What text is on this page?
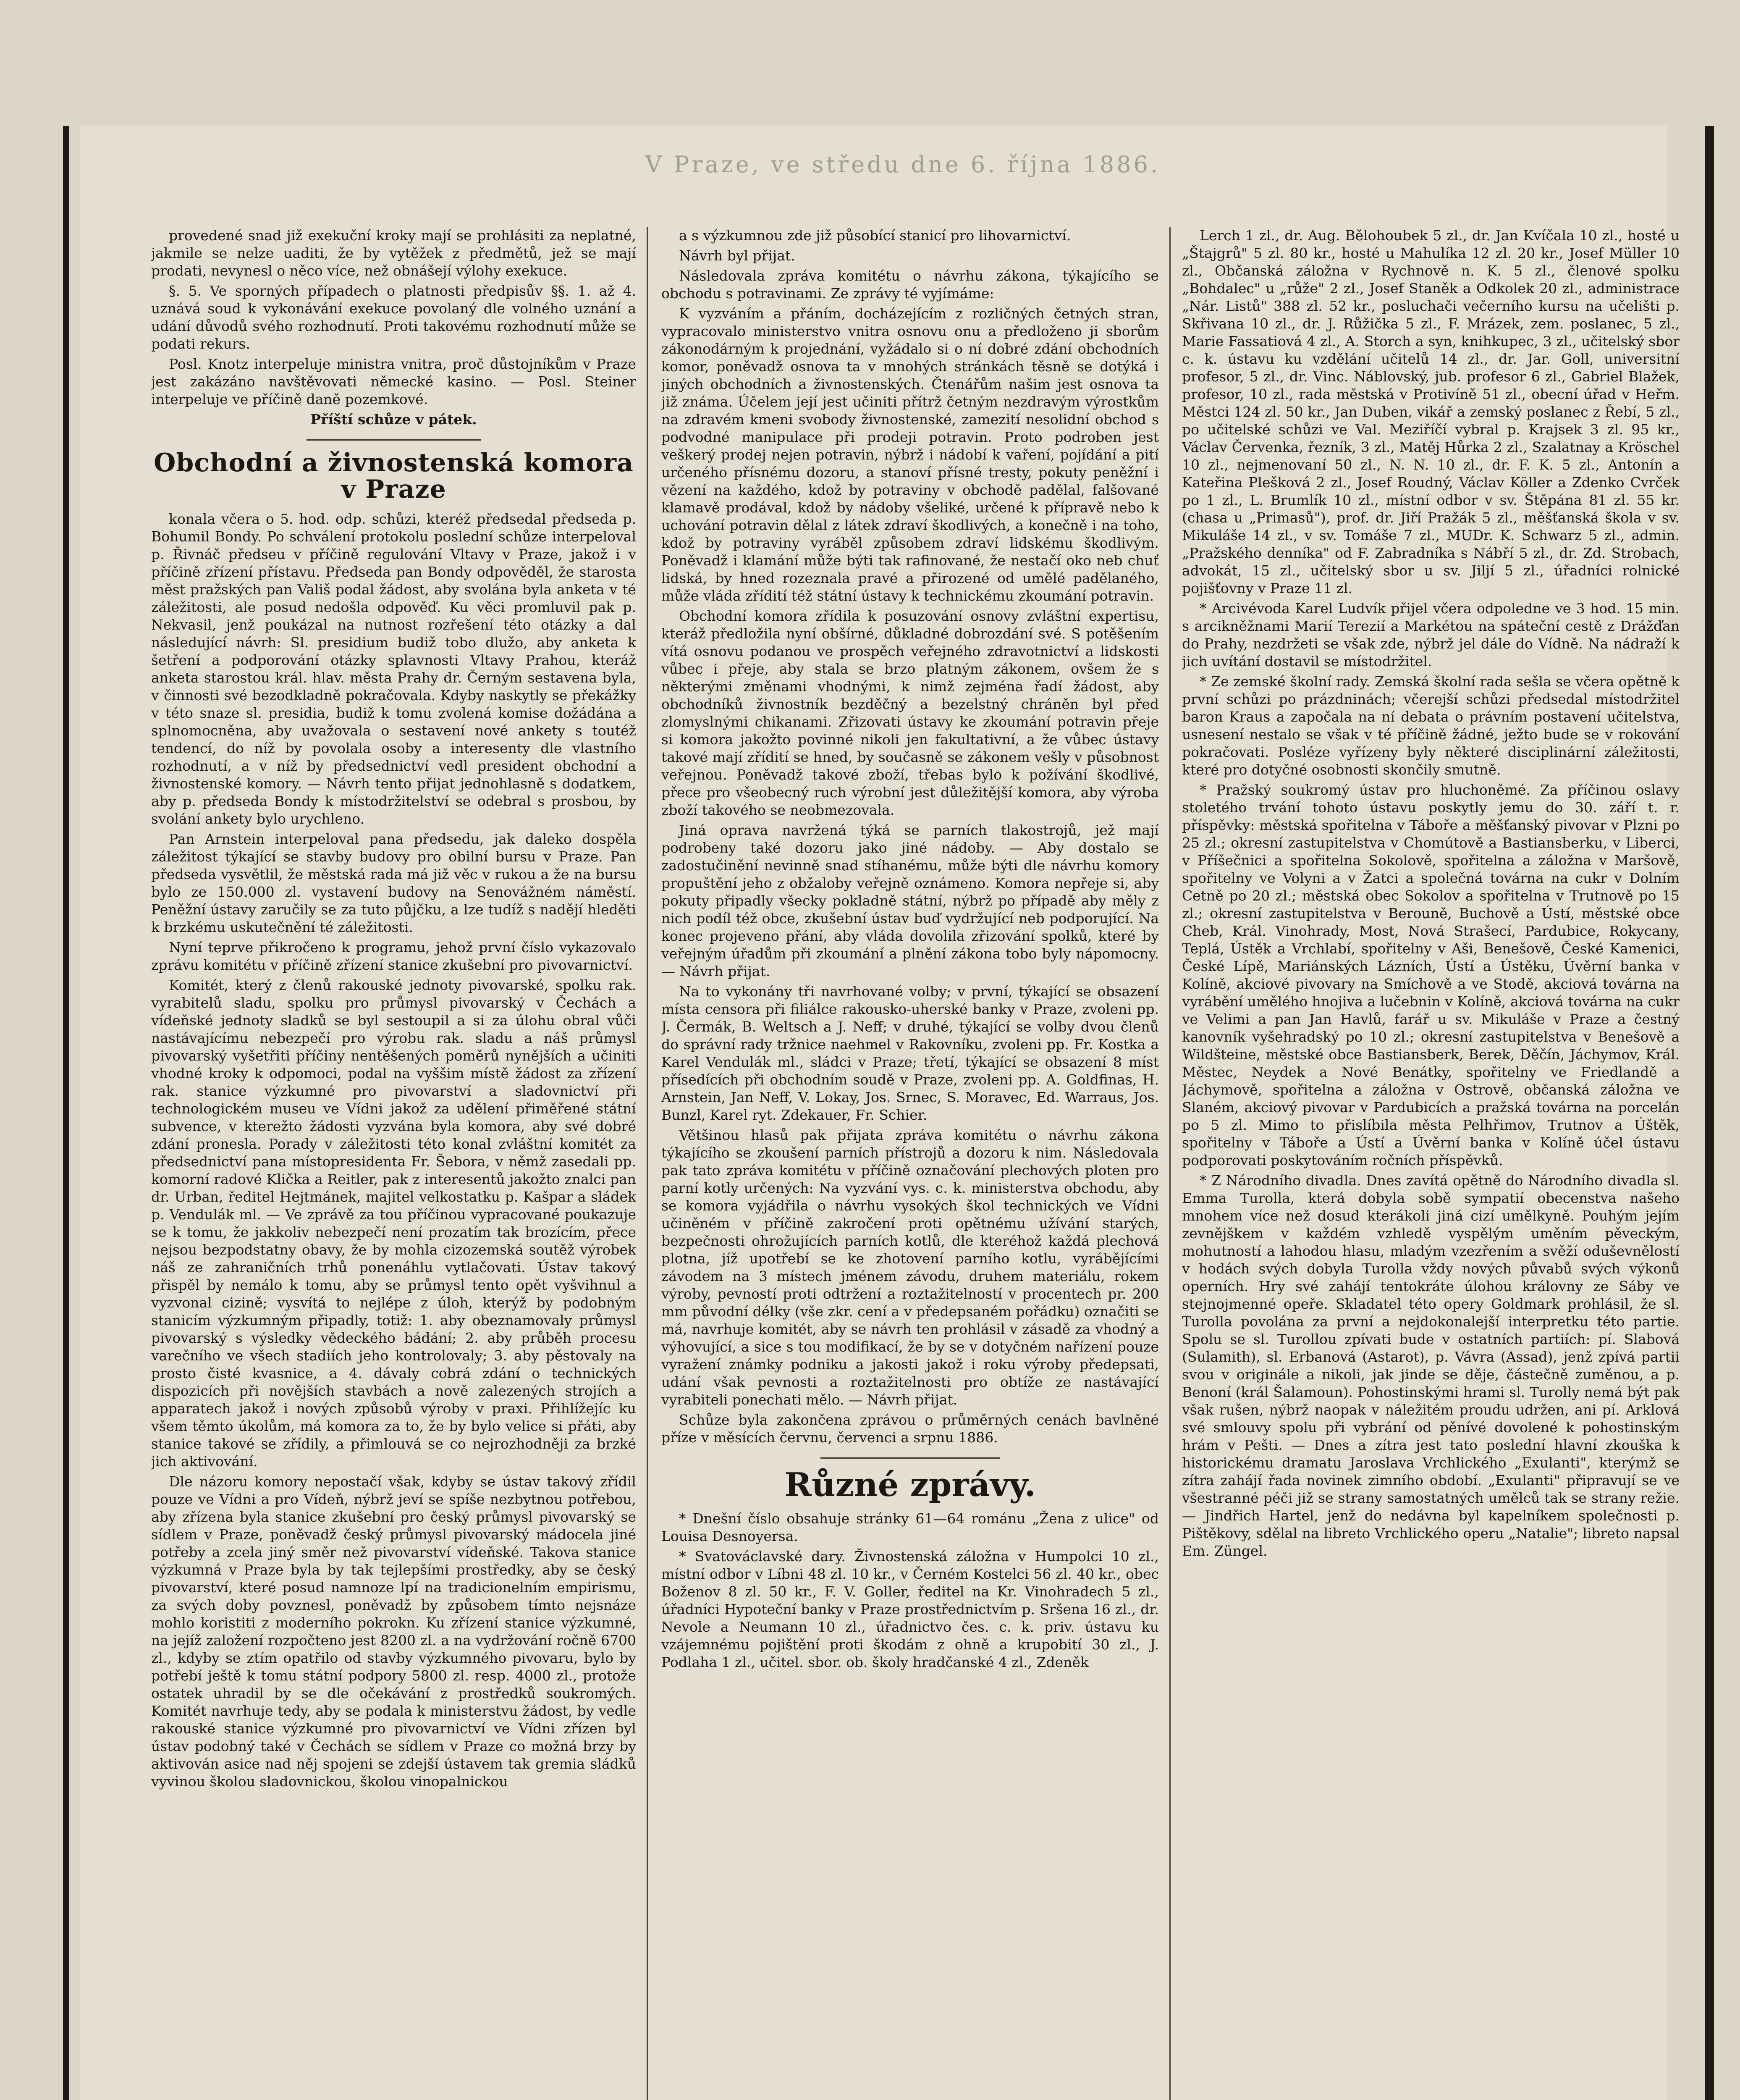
V Praze, ve středu dne 6. října 1886.

provedené snad již exekuční kroky mají se prohlásiti za neplatné, jakmile se nelze uaditi, že by vytěžek z předmětů, jež se mají prodati, nevynesl o něco více, než obnášejí výlohy exekuce.

§. 5. Ve sporných případech o platnosti předpisův §§. 1. až 4. uznává soud k vykonávání exekuce povolaný dle volného uznání a udání důvodů svého rozhodnutí. Proti takovému rozhodnutí může se podati rekurs.

Posl. Knotz interpeluje ministra vnitra, proč důstojníkům v Praze jest zakázáno navštěvovati německé kasino. — Posl. Steiner interpeluje ve příčině daně pozemkové.

Příští schůze v pátek.

Obchodní a živnostenská komora v Praze

konala včera o 5. hod. odp. schůzi, kteréž předsedal předseda p. Bohumil Bondy. Po schválení protokolu poslední schůze interpeloval p. Řivnáč předseu v příčině regulování Vltavy v Praze, jakož i v příčině zřízení přístavu. Předseda pan Bondy odpověděl, že starosta měst pražských pan Vališ podal žádost, aby svolána byla anketa v té záležitosti, ale posud nedošla odpověď. Ku věci promluvil pak p. Nekvasil, jenž poukázal na nutnost rozřešení této otázky a dal následující návrh: Sl. presidium budiž tobo dlužo, aby anketa k šetření a podporování otázky splavnosti Vltavy Prahou, kteráž anketa starostou král. hlav. města Prahy dr. Černým sestavena byla, v činnosti své bezodkladně pokračovala. Kdyby naskytly se překážky v této snaze sl. presidia, budiž k tomu zvolená komise dožádána a splnomocněna, aby uvažovala o sestavení nové ankety s toutéž tendencí, do níž by povolala osoby a interesenty dle vlastního rozhodnutí, a v níž by předsednictví vedl president obchodní a živnostenské komory. — Návrh tento přijat jednohlasně s dodatkem, aby p. předseda Bondy k místodržitelství se odebral s prosbou, by svolání ankety bylo urychleno.

Pan Arnstein interpeloval pana předsedu, jak daleko dospěla záležitost týkající se stavby budovy pro obilní bursu v Praze. Pan předseda vysvětlil, že městská rada má již věc v rukou a že na bursu bylo ze 150.000 zl. vystavení budovy na Senovážném náměstí. Peněžní ústavy zaručily se za tuto půjčku, a lze tudíž s nadějí hleděti k brzkému uskutečnění té záležitosti.

Nyní teprve přikročeno k programu, jehož první číslo vykazovalo zprávu komitétu v příčině zřízení stanice zkušební pro pivovarnictví.

Komitét, který z členů rakouské jednoty pivovarské, spolku rak. vyrabitelů sladu, spolku pro průmysl pivovarský v Čechách a vídeňské jednoty sladků se byl sestoupil a si za úlohu obral vůči nastávajícímu nebezpečí pro výrobu rak. sladu a náš průmysl pivovarský vyšetřiti příčiny nentěšených poměrů nynějších a učiniti vhodné kroky k odpomoci, podal na vyššim místě žádost za zřízení rak. stanice výzkumné pro pivovarství a sladovnictví při technologickém museu ve Vídni jakož za udělení přiměřené státní subvence, v kterežto žádosti vyzvána byla komora, aby své dobré zdání pronesla. Porady v záležitosti této konal zvláštní komitét za předsednictví pana místopresidenta Fr. Šebora, v němž zasedali pp. komorní radové Klička a Reitler, pak z interesentů jakožto znalci pan dr. Urban, ředitel Hejtmánek, majitel velkostatku p. Kašpar a sládek p. Vendulák ml. — Ve zprávě za tou příčinou vypracované poukazuje se k tomu, že jakkoliv nebezpečí není prozatím tak brozícím, přece nejsou bezpodstatny obavy, že by mohla cizozemská soutěž výrobek náš ze zahraničních trhů ponenáhlu vytlačovati. Ústav takový přispěl by nemálo k tomu, aby se průmysl tento opět vyšvihnul a vyzvonal cizině; vysvítá to nejlépe z úloh, kterýž by podobným stanicím výzkumným připadly, totiž: 1. aby obeznamovaly průmysl pivovarský s výsledky vědeckého bádání; 2. aby průběh procesu varečního ve všech stadiích jeho kontrolovaly; 3. aby pěstovaly na prosto čisté kvasnice, a 4. dávaly cobrá zdání o technických dispozicích při novějších stavbách a nově zalezených strojích a apparatech jakož i nových způsobů výroby v praxi. Přihlížejíc ku všem těmto úkolům, má komora za to, že by bylo velice si přáti, aby stanice takové se zřídily, a přimlouvá se co nejrozhodněji za brzké jich aktivování.

Dle názoru komory nepostačí však, kdyby se ústav takový zřídil pouze ve Vídni a pro Vídeň, nýbrž jeví se spíše nezbytnou potřebou, aby zřízena byla stanice zkušební pro český průmysl pivovarský se sídlem v Praze, poněvadž český průmysl pivovarský mádocela jiné potřeby a zcela jiný směr než pivovarství vídeňské. Takova stanice výzkumná v Praze byla by tak tejlepšími prostředky, aby se český pivovarství, které posud namnoze lpí na tradicionelním empirismu, za svých doby povznesl, poněvadž by způsobem tímto nejsnáze mohlo koristiti z moderního pokrokn. Ku zřízení stanice výzkumné, na jejíž založení rozpočteno jest 8200 zl. a na vydržování ročně 6700 zl., kdyby se ztím opatřilo od stavby výzkumného pivovaru, bylo by potřebí ještě k tomu státní podpory 5800 zl. resp. 4000 zl., protože ostatek uhradil by se dle očekávání z prostředků soukromých. Komitét navrhuje tedy, aby se podala k ministerstvu žádost, by vedle rakouské stanice výzkumné pro pivovarnictví ve Vídni zřízen byl ústav podobný také v Čechách se sídlem v Praze co možná brzy by aktivován asice nad něj spojeni se zdejší ústavem tak gremia sládků vyvinou školou sladovnickou, školou vinopalnickou

a s výzkumnou zde již působící stanicí pro lihovarnictví.

Návrh byl přijat.

Následovala zpráva komitétu o návrhu zákona, týkajícího se obchodu s potravinami. Ze zprávy té vyjímáme:

K vyzváním a přáním, docházejícím z rozličných četných stran, vypracovalo ministerstvo vnitra osnovu onu a předloženo ji sborům zákonodárným k projednání, vyžádalo si o ní dobré zdání obchodních komor, poněvadž osnova ta v mnohých stránkách těsně se dotýká i jiných obchodních a živnostenských. Čtenářům našim jest osnova ta již známa. Účelem její jest učiniti přítrž četným nezdravým výrostkům na zdravém kmeni svobody živnostenské, zamezití nesolidní obchod s podvodné manipulace při prodeji potravin. Proto podroben jest veškerý prodej nejen potravin, nýbrž i nádobí k vaření, pojídání a pití určeného přísnému dozoru, a stanoví přísné tresty, pokuty peněžní i vězení na každého, kdož by potraviny v obchodě padělal, falšované klamavě prodával, kdož by nádoby všeliké, určené k přípravě nebo k uchování potravin dělal z látek zdraví škodlivých, a konečně i na toho, kdož by potraviny vyráběl způsobem zdraví lidskému škodlivým. Poněvadž i klamání může býti tak rafinované, že nestačí oko neb chuť lidská, by hned rozeznala pravé a přirozené od umělé padělaného, může vláda zřídití též státní ústavy k technickému zkoumání potravin.

Obchodní komora zřídila k posuzování osnovy zvláštní expertisu, kteráž předložila nyní obšírné, důkladné dobrozdání své. S potěšením vítá osnovu podanou ve prospěch veřejného zdravotnictví a lidskosti vůbec i přeje, aby stala se brzo platným zákonem, ovšem že s některými změnami vhodnými, k nimž zejména řadí žádost, aby obchodníků živnostník bezděčný a bezelstný chráněn byl před zlomyslnými chikanami. Zřizovati ústavy ke zkoumání potravin přeje si komora jakožto povinné nikoli jen fakultativní, a že vůbec ústavy takové mají zřídití se hned, by současně se zákonem vešly v působnost veřejnou. Poněvadž takové zboží, třebas bylo k požívání škodlivé, přece pro všeobecný ruch výrobní jest důležitější komora, aby výroba zboží takového se neobmezovala.

Jiná oprava navržená týká se parních tlakostrojů, jež mají podrobeny také dozoru jako jiné nádoby. — Aby dostalo se zadostučinění nevinně snad stíhanému, může býti dle návrhu komory propuštění jeho z obžaloby veřejně oznámeno. Komora nepřeje si, aby pokuty připadly všecky pokladně státní, nýbrž po případě aby měly z nich podíl též obce, zkušební ústav buď vydržující neb podporující. Na konec projeveno přání, aby vláda dovolila zřizování spolků, které by veřejným úřadům při zkoumání a plnění zákona tobo byly nápomocny. — Návrh přijat.

Na to vykonány tři navrhované volby; v první, týkající se obsazení místa censora při filiálce rakousko-uherské banky v Praze, zvoleni pp. J. Čermák, B. Weltsch a J. Neff; v druhé, týkající se volby dvou členů do správní rady tržnice naehmel v Rakovníku, zvoleni pp. Fr. Kostka a Karel Vendulák ml., sládci v Praze; třetí, týkající se obsazení 8 míst přísedících při obchodním soudě v Praze, zvoleni pp. A. Goldfinas, H. Arnstein, Jan Neff, V. Lokay, Jos. Srnec, S. Moravec, Ed. Warraus, Jos. Bunzl, Karel ryt. Zdekauer, Fr. Schier.

Většinou hlasů pak přijata zpráva komitétu o návrhu zákona týkajícího se zkoušení parních přístrojů a dozoru k nim. Následovala pak tato zpráva komitétu v příčině označování plechových ploten pro parní kotly určených: Na vyzvání vys. c. k. ministerstva obchodu, aby se komora vyjádřila o návrhu vysokých škol technických ve Vídni učiněném v příčině zakročení proti opětnému užívání starých, bezpečnosti ohrožujících parních kotlů, dle kteréhož každá plechová plotna, jíž upotřebí se ke zhotovení parního kotlu, vyrábějícími závodem na 3 místech jménem závodu, druhem materiálu, rokem výroby, pevností proti odtržení a roztažitelností v procentech pr. 200 mm původní délky (vše zkr. cení a v předepsaném pořádku) označiti se má, navrhuje komitét, aby se návrh ten prohlásil v zásadě za vhodný a výhovující, a sice s tou modifikací, že by se v dotyčném nařízení pouze vyražení známky podniku a jakosti jakož i roku výroby předepsati, udání však pevnosti a roztažitelnosti pro obtíže ze nastávající vyrabiteli ponechati mělo. — Návrh přijat.

Schůze byla zakončena zprávou o průměrných cenách bavlněné příze v měsících červnu, červenci a srpnu 1886.

Různé zprávy.

* Dnešní číslo obsahuje stránky 61—64 románu „Žena z ulice" od Louisa Desnoyersa.

* Svatováclavské dary. Živnostenská záložna v Humpolci 10 zl., místní odbor v Líbni 48 zl. 10 kr., v Černém Kostelci 56 zl. 40 kr., obec Boženov 8 zl. 50 kr., F. V. Goller, ředitel na Kr. Vinohradech 5 zl., úřadníci Hypoteční banky v Praze prostřednictvím p. Sršena 16 zl., dr. Nevole a Neumann 10 zl., úřadnictvo čes. c. k. priv. ústavu ku vzájemnému pojištění proti škodám z ohně a krupobití 30 zl., J. Podlaha 1 zl., učitel. sbor. ob. školy hradčanské 4 zl., Zdeněk

Lerch 1 zl., dr. Aug. Bělohoubek 5 zl., dr. Jan Kvíčala 10 zl., hosté u „Štajgrů" 5 zl. 80 kr., hosté u Mahulíka 12 zl. 20 kr., Josef Müller 10 zl., Občanská záložna v Rychnově n. K. 5 zl., členové spolku „Bohdalec" u „růže" 2 zl., Josef Staněk a Odkolek 20 zl., administrace „Nár. Listů" 388 zl. 52 kr., posluchači večerního kursu na učelišti p. Skřivana 10 zl., dr. J. Růžička 5 zl., F. Mrázek, zem. poslanec, 5 zl., Marie Fassatiová 4 zl., A. Storch a syn, knihkupec, 3 zl., učitelský sbor c. k. ústavu ku vzdělání učitelů 14 zl., dr. Jar. Goll, universitní profesor, 5 zl., dr. Vinc. Náblovský, jub. profesor 6 zl., Gabriel Blažek, profesor, 10 zl., rada městská v Protivíně 51 zl., obecní úřad v Heřm. Městci 124 zl. 50 kr., Jan Duben, vikář a zemský poslanec z Řebí, 5 zl., po učitelské schůzi ve Val. Meziříčí vybral p. Krajsek 3 zl. 95 kr., Václav Červenka, řezník, 3 zl., Matěj Hůrka 2 zl., Szalatnay a Kröschel 10 zl., nejmenovaní 50 zl., N. N. 10 zl., dr. F. K. 5 zl., Antonín a Kateřina Plešková 2 zl., Josef Roudný, Václav Köller a Zdenko Cvrček po 1 zl., L. Brumlík 10 zl., místní odbor v sv. Štěpána 81 zl. 55 kr. (chasa u „Primasů"), prof. dr. Jiří Pražák 5 zl., měšťanská škola v sv. Mikuláše 14 zl., v sv. Tomáše 7 zl., MUDr. K. Schwarz 5 zl., admin. „Pražského denníka" od F. Zabradníka s Nábří 5 zl., dr. Zd. Strobach, advokát, 15 zl., učitelský sbor u sv. Jiljí 5 zl., úřadníci rolnické pojišťovny v Praze 11 zl.

* Arcivévoda Karel Ludvík přijel včera odpoledne ve 3 hod. 15 min. s arcikněžnami Marií Terezií a Markétou na spáteční cestě z Drážďan do Prahy, nezdržeti se však zde, nýbrž jel dále do Vídně. Na nádraží k jich uvítání dostavil se místodržitel.

* Ze zemské školní rady. Zemská školní rada sešla se včera opětně k první schůzi po prázdninách; včerejší schůzi předsedal místodržitel baron Kraus a započala na ní debata o právním postavení učitelstva, usnesení nestalo se však v té příčině žádné, ježto bude se v rokování pokračovati. Posléze vyřízeny byly některé disciplinární záležitosti, které pro dotyčné osobnosti skončily smutně.

* Pražský soukromý ústav pro hluchoněmé. Za příčinou oslavy stoletého trvání tohoto ústavu poskytly jemu do 30. září t. r. příspěvky: městská spořitelna v Táboře a měšťanský pivovar v Plzni po 25 zl.; okresní zastupitelstva v Chomútově a Bastiansberku, v Liberci, v Příšečnici a spořitelna Sokolově, spořitelna a záložna v Maršově, spořitelny ve Volyni a v Žatci a společná továrna na cukr v Dolním Cetně po 20 zl.; městská obec Sokolov a spořitelna v Trutnově po 15 zl.; okresní zastupitelstva v Berouně, Buchově a Ústí, městské obce Cheb, Král. Vinohrady, Most, Nová Strašecí, Pardubice, Rokycany, Teplá, Ústěk a Vrchlabí, spořitelny v Aši, Benešově, České Kamenici, České Lípě, Mariánských Lázních, Ústí a Ústěku, Úvěrní banka v Kolíně, akciové pivovary na Smíchově a ve Stodě, akciová továrna na vyrábění umělého hnojiva a lučebnin v Kolíně, akciová továrna na cukr ve Velimi a pan Jan Havlů, farář u sv. Mikuláše v Praze a čestný kanovník vyšehradský po 10 zl.; okresní zastupitelstva v Benešově a Wildšteine, městské obce Bastiansberk, Berek, Děčín, Jáchymov, Král. Městec, Neydek a Nové Benátky, spořitelny ve Friedlandě a Jáchymově, spořitelna a záložna v Ostrově, občanská záložna ve Slaném, akciový pivovar v Pardubicích a pražská továrna na porcelán po 5 zl. Mimo to přislíbila města Pelhřimov, Trutnov a Úštěk, spořitelny v Táboře a Ústí a Úvěrní banka v Kolíně účel ústavu podporovati poskytováním ročních příspěvků.

* Z Národního divadla. Dnes zavítá opětně do Národního divadla sl. Emma Turolla, která dobyla sobě sympatií obecenstva našeho mnohem více než dosud kterákoli jiná cizí umělkyně. Pouhým jejím zevnějškem v každém vzhledě vyspělým uměním pěveckým, mohutností a lahodou hlasu, mladým vzezřením a svěží oduševnělostí v hodách svých dobyla Turolla vždy nových půvabů svých výkonů operních. Hry své zahájí tentokráte úlohou královny ze Sáby ve stejnojmenné opeře. Skladatel této opery Goldmark prohlásil, že sl. Turolla povolána za první a nejdokonalejší interpretku této partie. Spolu se sl. Turollou zpívati bude v ostatních partiích: pí. Slabová (Sulamith), sl. Erbanová (Astarot), p. Vávra (Assad), jenž zpívá partii svou v originále a nikoli, jak jinde se děje, částečně zuměnou, a p. Benoní (král Šalamoun). Pohostinskými hrami sl. Turolly nemá být pak však rušen, nýbrž naopak v náležitém proudu udržen, ani pí. Arklová své smlouvy spolu při vybrání od pěnívé dovolené k pohostinským hrám v Pešti. — Dnes a zítra jest tato poslední hlavní zkouška k historickému dramatu Jaroslava Vrchlického „Exulanti", kterýmž se zítra zahájí řada novinek zimního období. „Exulanti" připravují se ve všestranné péči již se strany samostatných umělců tak se strany režie. — Jindřich Hartel, jenž do nedávna byl kapelníkem společnosti p. Pištěkovy, sdělal na libreto Vrchlického operu „Natalie"; libreto napsal Em. Züngel.
